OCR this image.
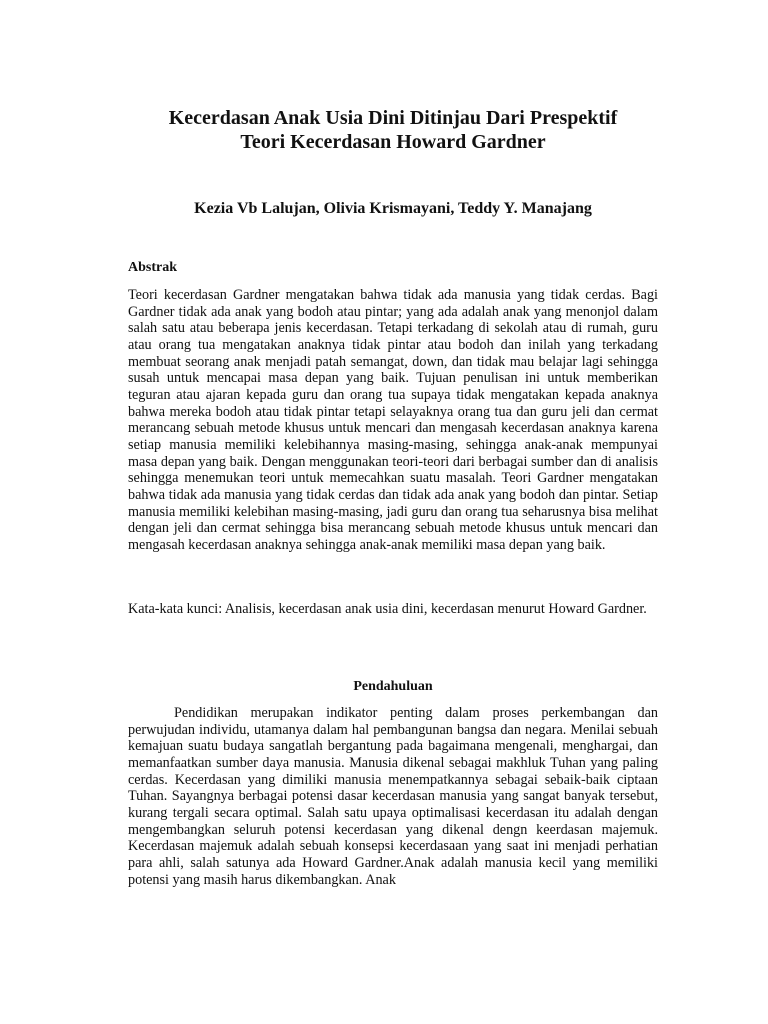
Kecerdasan Anak Usia Dini Ditinjau Dari Prespektif
Teori Kecerdasan Howard Gardner

Kezia Vb Lalujan, Olivia Krismayani, Teddy Y. Manajang

Abstrak

Teori kecerdasan Gardner mengatakan bahwa tidak ada manusia yang tidak cerdas. Bagi Gardner tidak ada anak yang bodoh atau pintar; yang ada adalah anak yang menonjol dalam salah satu atau beberapa jenis kecerdasan. Tetapi terkadang di sekolah atau di rumah, guru atau orang tua mengatakan anaknya tidak pintar atau bodoh dan inilah yang terkadang membuat seorang anak menjadi patah semangat, down, dan tidak mau belajar lagi sehingga susah untuk mencapai masa depan yang baik. Tujuan penulisan ini untuk memberikan teguran atau ajaran kepada guru dan orang tua supaya tidak mengatakan kepada anaknya bahwa mereka bodoh atau tidak pintar tetapi selayaknya orang tua dan guru jeli dan cermat merancang sebuah metode khusus untuk mencari dan mengasah kecerdasan anaknya karena setiap manusia memiliki kelebihannya masing-masing, sehingga anak-anak mempunyai masa depan yang baik. Dengan menggunakan teori-teori dari berbagai sumber dan di analisis sehingga menemukan teori untuk memecahkan suatu masalah. Teori Gardner mengatakan bahwa tidak ada manusia yang tidak cerdas dan tidak ada anak yang bodoh dan pintar. Setiap manusia memiliki kelebihan masing-masing, jadi guru dan orang tua seharusnya bisa melihat dengan jeli dan cermat sehingga bisa merancang sebuah metode khusus untuk mencari dan mengasah kecerdasan anaknya sehingga anak-anak memiliki masa depan yang baik.

Kata-kata kunci: Analisis, kecerdasan anak usia dini, kecerdasan menurut Howard Gardner.

Pendahuluan

Pendidikan merupakan indikator penting dalam proses perkembangan dan perwujudan individu, utamanya dalam hal pembangunan bangsa dan negara. Menilai sebuah kemajuan suatu budaya sangatlah bergantung pada bagaimana mengenali, menghargai, dan memanfaatkan sumber daya manusia. Manusia dikenal sebagai makhluk Tuhan yang paling cerdas. Kecerdasan yang dimiliki manusia menempatkannya sebagai sebaik-baik ciptaan Tuhan. Sayangnya berbagai potensi dasar kecerdasan manusia yang sangat banyak tersebut, kurang tergali secara optimal. Salah satu upaya optimalisasi kecerdasan itu adalah dengan mengembangkan seluruh potensi kecerdasan yang dikenal dengn keerdasan majemuk. Kecerdasan majemuk adalah sebuah konsepsi kecerdasaan yang saat ini menjadi perhatian para ahli, salah satunya ada Howard Gardner.Anak adalah manusia kecil yang memiliki potensi yang masih harus dikembangkan. Anak
